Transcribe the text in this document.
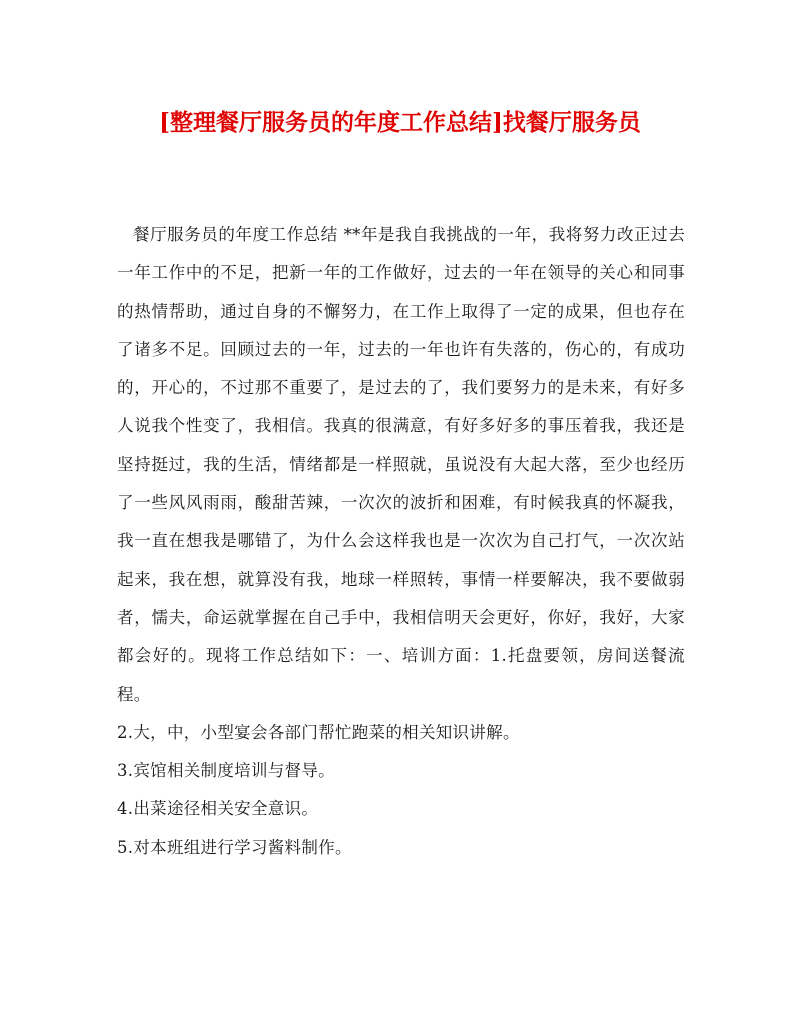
[整理餐厅服务员的年度工作总结]找餐厅服务员

餐厅服务员的年度工作总结 **年是我自我挑战的一年，我将努力改正过去一年工作中的不足，把新一年的工作做好，过去的一年在领导的关心和同事的热情帮助，通过自身的不懈努力，在工作上取得了一定的成果，但也存在了诸多不足。回顾过去的一年，过去的一年也许有失落的，伤心的，有成功的，开心的，不过那不重要了，是过去的了，我们要努力的是未来，有好多人说我个性变了，我相信。我真的很满意，有好多好多的事压着我，我还是坚持挺过，我的生活，情绪都是一样照就，虽说没有大起大落，至少也经历了一些风风雨雨，酸甜苦辣，一次次的波折和困难，有时候我真的怀凝我，我一直在想我是哪错了，为什么会这样我也是一次次为自己打气，一次次站起来，我在想，就算没有我，地球一样照转，事情一样要解决，我不要做弱者，懦夫，命运就掌握在自己手中，我相信明天会更好，你好，我好，大家都会好的。现将工作总结如下：一、培训方面：1.托盘要领，房间送餐流程。

2.大，中，小型宴会各部门帮忙跑菜的相关知识讲解。

3.宾馆相关制度培训与督导。

4.出菜途径相关安全意识。

5.对本班组进行学习酱料制作。
